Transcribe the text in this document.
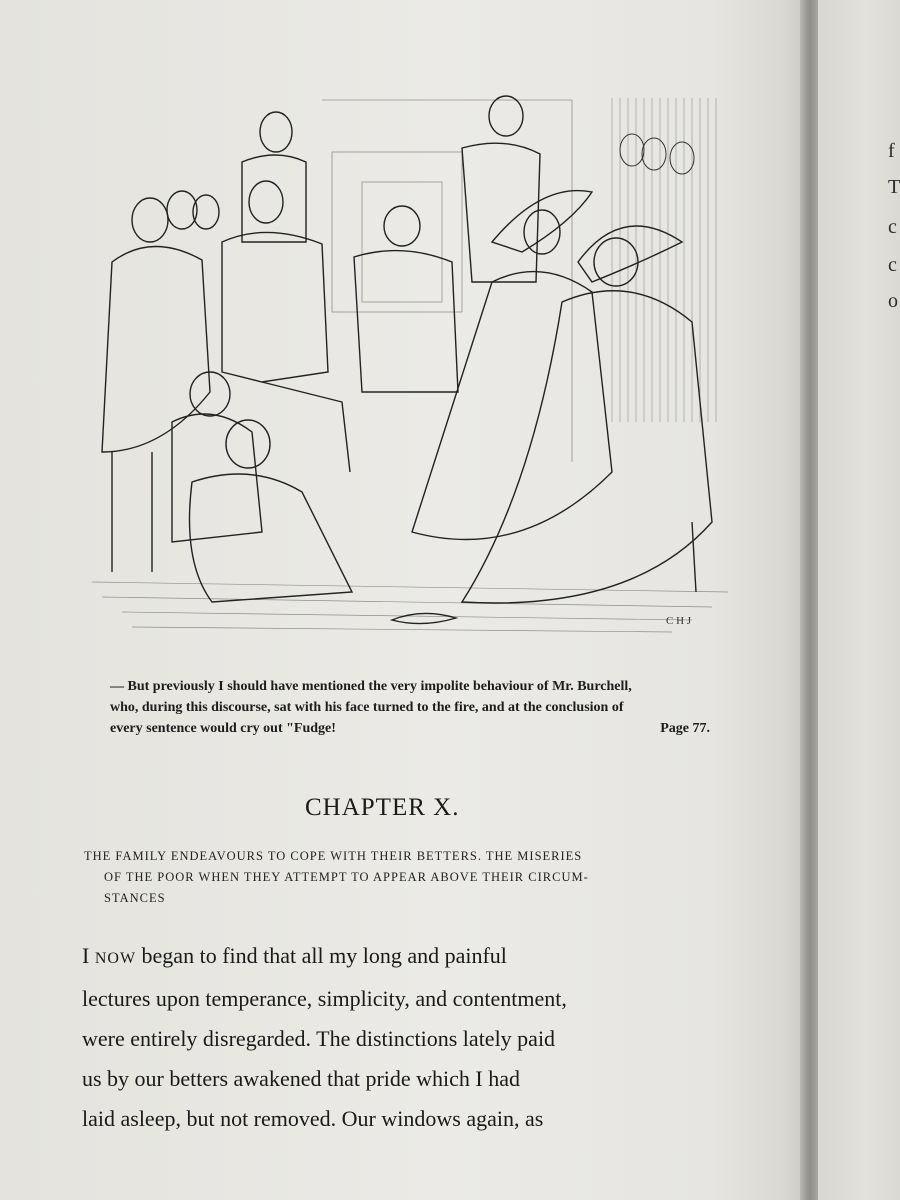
C H J

— But previously I should have mentioned the very impolite behaviour of Mr. Burchell,

who, during this discourse, sat with his face turned to the fire, and at the conclusion of

every sentence would cry out "Fudge!	Page 77.
CHAPTER X.
THE FAMILY ENDEAVOURS TO COPE WITH THEIR BETTERS. THE MISERIES
OF THE POOR WHEN THEY ATTEMPT TO APPEAR ABOVE THEIR CIRCUM-
STANCES
I NOW began to find that all my long and painful
lectures upon temperance, simplicity, and contentment,
were entirely disregarded. The distinctions lately paid
us by our betters awakened that pride which I had
laid asleep, but not removed. Our windows again, as
f
T
c
c
o
